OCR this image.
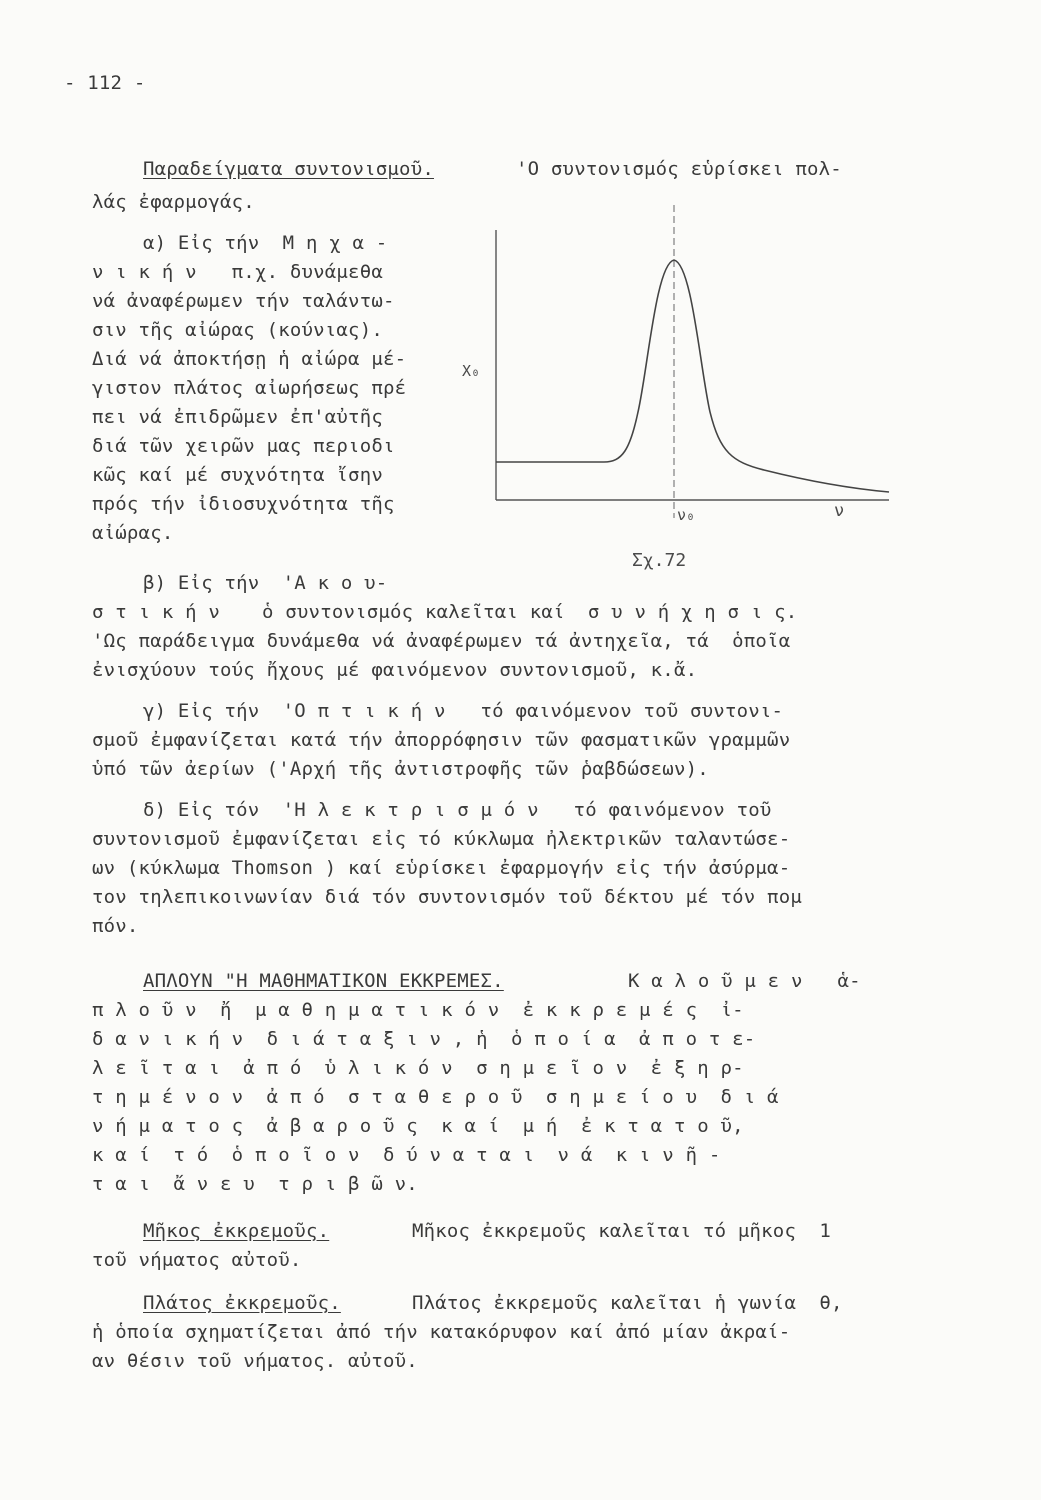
- 112 -
Παραδείγματα συντονισμοῦ.	'Ο συντονισμός εὑρίσκει πολ-
λάς ἐφαρμογάς.
α) Εἰς τήν  Μ η χ α -
ν ι κ ή ν   π.χ. δυνάμεθα
νά ἀναφέρωμεν τήν ταλάντω-
σιν τῆς αἰώρας (κούνιας).
Διά νά ἀποκτήσῃ ἡ αἰώρα μέ-
γιστον πλάτος αἰωρήσεως πρέ
πει νά ἐπιδρῶμεν ἐπ'αὐτῆς
διά τῶν χειρῶν μας περιοδι
κῶς καί μέ συχνότητα ἴσην
πρός τήν ἰδιοσυχνότητα τῆς
αἰώρας.
Χ₀
ν₀	ν
Σχ.72
β) Εἰς τήν  'Α κ ο υ-
σ τ ι κ ή ν ὁ συντονισμός καλεῖται καί  σ υ ν ή χ η σ ι ς.
'Ως παράδειγμα δυνάμεθα νά ἀναφέρωμεν τά ἀντηχεῖα, τά  ὁποῖα
ἐνισχύουν τούς ἤχους μέ φαινόμενον συντονισμοῦ, κ.ἄ.
γ) Εἰς τήν  'Ο π τ ι κ ή ν   τό φαινόμενον τοῦ συντονι-
σμοῦ ἐμφανίζεται κατά τήν ἀπορρόφησιν τῶν φασματικῶν γραμμῶν
ὑπό τῶν ἀερίων ('Αρχή τῆς ἀντιστροφῆς τῶν ῥαβδώσεων).
δ) Εἰς τόν  'Η λ ε κ τ ρ ι σ μ ό ν   τό φαινόμενον τοῦ
συντονισμοῦ ἐμφανίζεται εἰς τό κύκλωμα ἠλεκτρικῶν ταλαντώσε-
ων (κύκλωμα Thomson ) καί εὑρίσκει ἐφαρμογήν εἰς τήν ἀσύρμα-
τον τηλεπικοινωνίαν διά τόν συντονισμόν τοῦ δέκτου μέ τόν πομ
πόν.
ΑΠΛΟΥΝ "Η ΜΑΘΗΜΑΤΙΚΟΝ ΕΚΚΡΕΜΕΣ.	Κ α λ ο ῦ μ ε ν   ἁ-
π λ ο ῦ ν  ἤ  μ α θ η μ α τ ι κ ό ν  ἐ κ κ ρ ε μ έ ς  ἰ-
δ α ν ι κ ή ν  δ ι ά τ α ξ ι ν , ἡ  ὁ π ο ί α  ἀ π ο τ ε-
λ ε ῖ τ α ι  ἀ π ό  ὑ λ ι κ ό ν  σ η μ ε ῖ ο ν  ἐ ξ η ρ-
τ η μ έ ν ο ν  ἀ π ό  σ τ α θ ε ρ ο ῦ  σ η μ ε ί ο υ  δ ι ά
ν ή μ α τ ο ς  ἀ β α ρ ο ῦ ς  κ α ί  μ ή  ἐ κ τ α τ ο ῦ,
κ α ί  τ ό  ὁ π ο ῖ ο ν  δ ύ ν α τ α ι  ν ά  κ ι ν ῆ -
τ α ι  ἄ ν ε υ  τ ρ ι β ῶ ν.
Μῆκος ἐκκρεμοῦς.	Μῆκος ἐκκρεμοῦς καλεῖται τό μῆκος  1
τοῦ νήματος αὐτοῦ.
Πλάτος ἐκκρεμοῦς.	Πλάτος ἐκκρεμοῦς καλεῖται ἡ γωνία  θ,
ἡ ὁποία σχηματίζεται ἀπό τήν κατακόρυφον καί ἀπό μίαν ἀκραί-
αν θέσιν τοῦ νήματος. αὐτοῦ.
